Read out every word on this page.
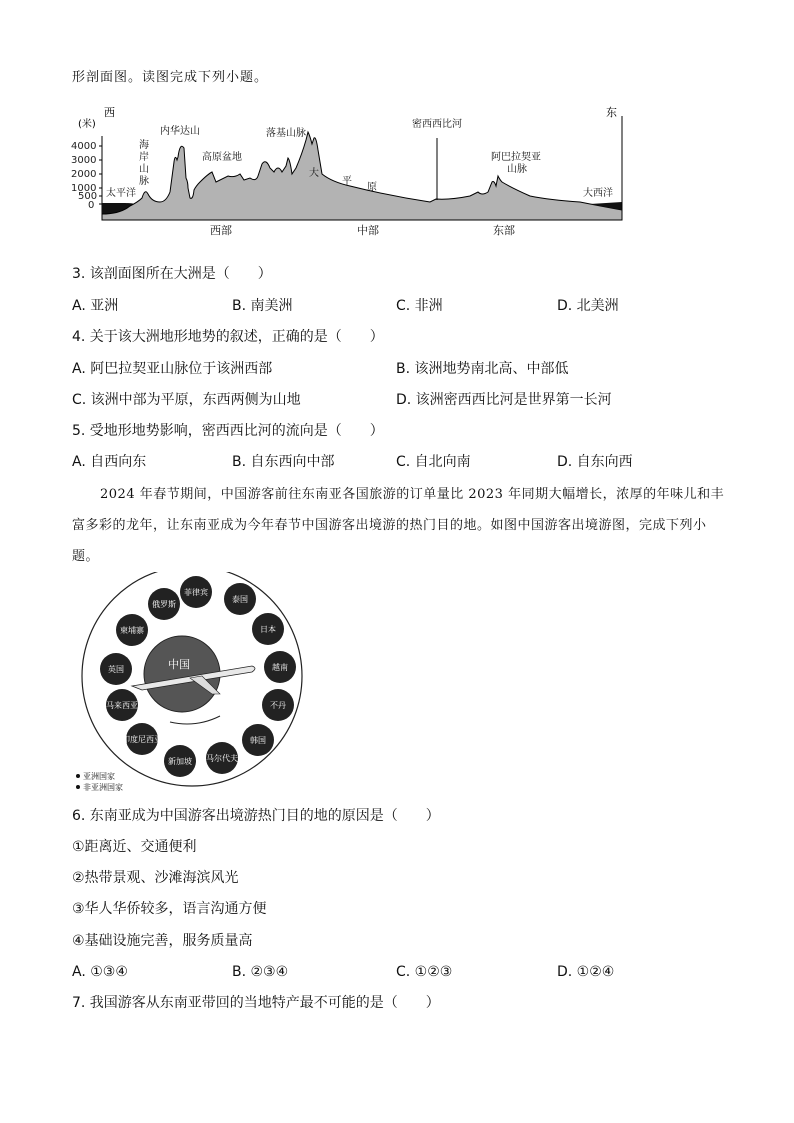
形剖面图。读图完成下列小题。
西	东
(米)
4000
3000
2000
1000
500
0
密西西比河
内华达山	落基山脉
高原盆地
太平洋	大西洋
大
平
原
阿巴拉契亚
山脉
海
岸
山
脉
西部	中部	东部
3. 该剖面图所在大洲是（　　）
A. 亚洲	B. 南美洲	C. 非洲	D. 北美洲
4. 关于该大洲地形地势的叙述，正确的是（　　）
A. 阿巴拉契亚山脉位于该洲西部	B. 该洲地势南北高、中部低
C. 该洲中部为平原，东西两侧为山地	D. 该洲密西西比河是世界第一长河
5. 受地形地势影响，密西西比河的流向是（　　）
A. 自西向东	B. 自东西向中部	C. 自北向南	D. 自东向西
2024 年春节期间，中国游客前往东南亚各国旅游的订单量比 2023 年同期大幅增长，浓厚的年味儿和丰富多彩的龙年，让东南亚成为今年春节中国游客出境游的热门目的地。如图中国游客出境游图，完成下列小题。
中国
菲律宾
泰国
日本
越南
不丹
韩国
马尔代夫
新加坡
印度尼西亚
马来西亚
英国
柬埔寨
俄罗斯
亚洲国家
非亚洲国家
6. 东南亚成为中国游客出境游热门目的地的原因是（　　）
①距离近、交通便利
②热带景观、沙滩海滨风光
③华人华侨较多，语言沟通方便
④基础设施完善，服务质量高
A. ①③④	B. ②③④	C. ①②③	D. ①②④
7. 我国游客从东南亚带回的当地特产最不可能的是（　　）
